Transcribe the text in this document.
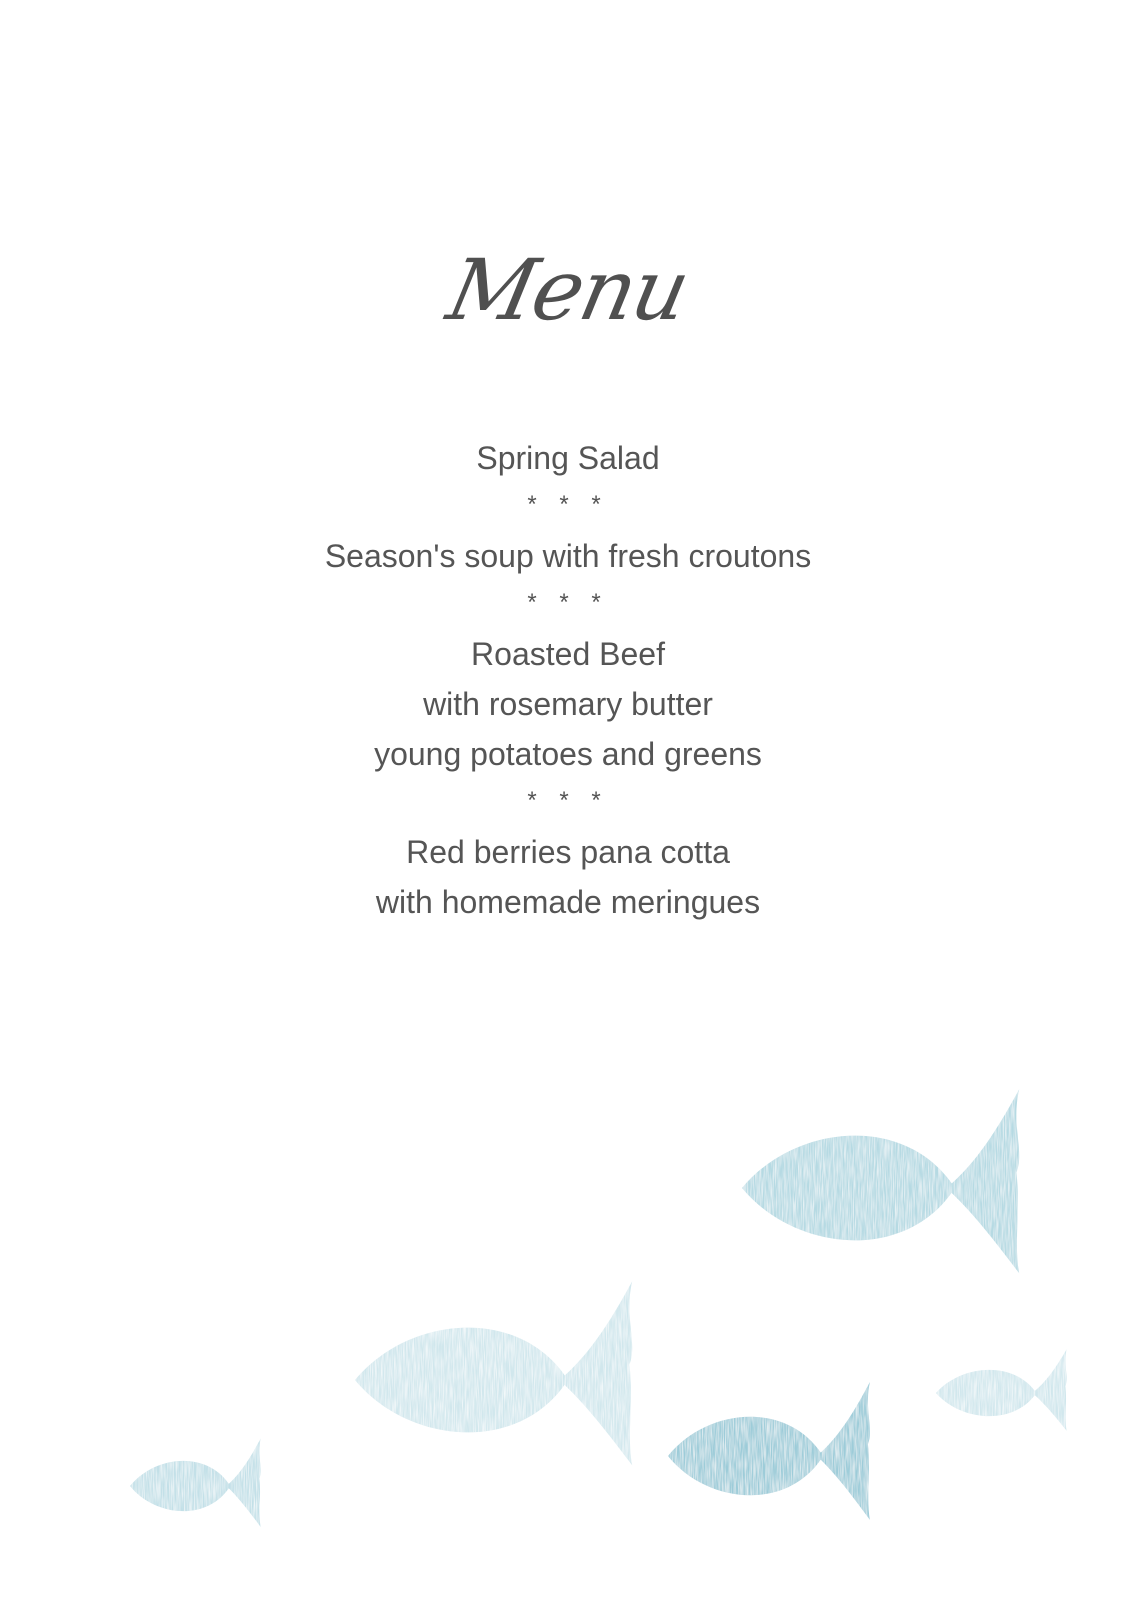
Menu

Spring Salad

* * *

Season's soup with fresh croutons

* * *

Roasted Beef

with rosemary butter

young potatoes and greens

* * *

Red berries pana cotta

with homemade meringues
